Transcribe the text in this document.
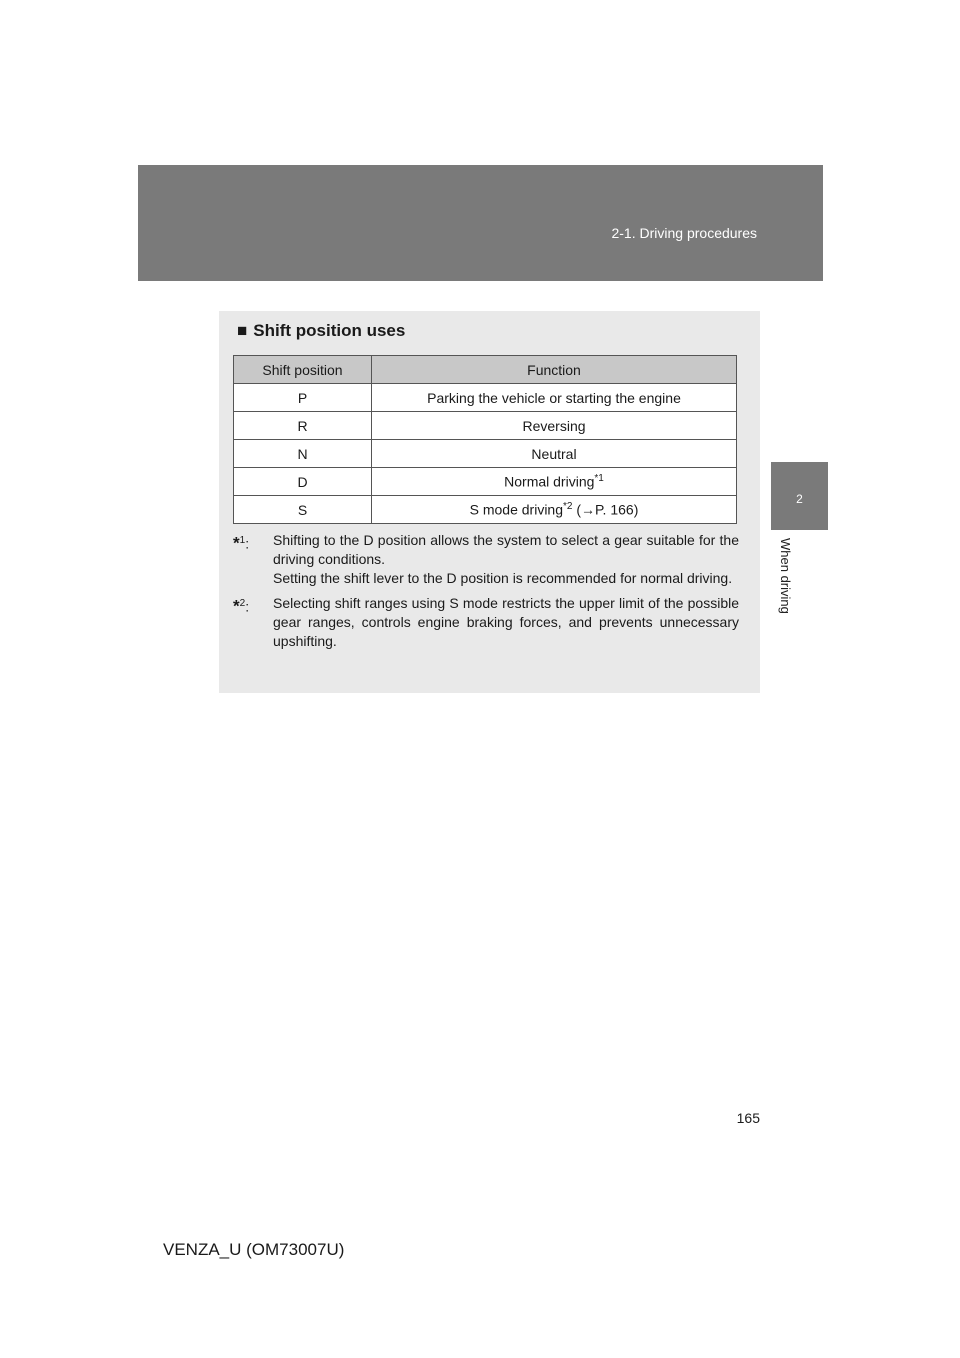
2-1. Driving procedures
2
When driving
■ Shift position uses
Shift position	Function
P	Parking the vehicle or starting the engine
R	Reversing
N	Neutral
D	Normal driving$^{*1}$
S	S mode driving$^{*2}$ (→P. 166)
*$^1$:	Shifting to the D position allows the system to select a gear suitable for the driving conditions.
Setting the shift lever to the D position is recommended for normal driving.
*$^2$:	Selecting shift ranges using S mode restricts the upper limit of the possible gear ranges, controls engine braking forces, and prevents unnecessary upshifting.
165
VENZA_U (OM73007U)
